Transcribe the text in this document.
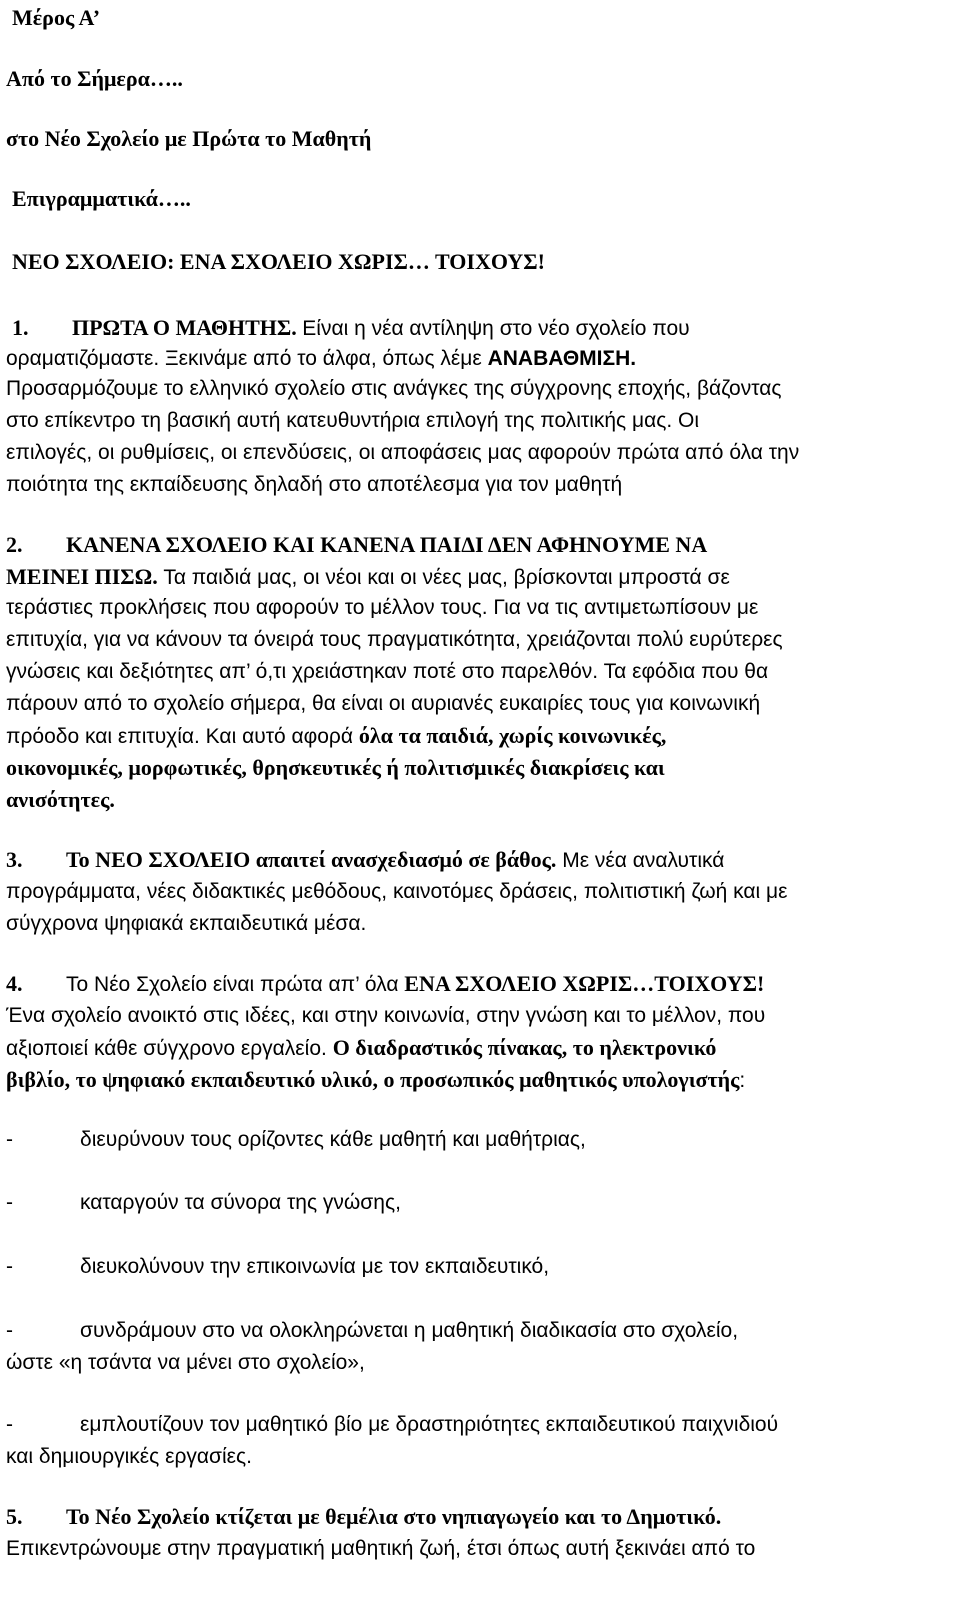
Μέρος Α’
Από το Σήμερα…..
στο Νέο Σχολείο με Πρώτα το Μαθητή
Επιγραμματικά…..
ΝΕΟ ΣΧΟΛΕΙΟ: ΕΝΑ ΣΧΟΛΕΙΟ ΧΩΡΙΣ… ΤΟΙΧΟΥΣ!
1. ΠΡΩΤΑ Ο ΜΑΘΗΤΗΣ. Είναι η νέα αντίληψη στο νέο σχολείο που
οραματιζόμαστε. Ξεκινάμε από το άλφα, όπως λέμε ΑΝΑΒΑΘΜΙΣΗ.
Προσαρμόζουμε το ελληνικό σχολείο στις ανάγκες της σύγχρονης εποχής, βάζοντας
στο επίκεντρο τη βασική αυτή κατευθυντήρια επιλογή της πολιτικής μας. Οι
επιλογές, οι ρυθμίσεις, οι επενδύσεις, οι αποφάσεις μας αφορούν πρώτα από όλα την
ποιότητα της εκπαίδευσης δηλαδή στο αποτέλεσμα για τον μαθητή
2. ΚΑΝΕΝΑ ΣΧΟΛΕΙΟ ΚΑΙ ΚΑΝΕΝΑ ΠΑΙΔΙ ΔΕΝ ΑΦΗΝΟΥΜΕ ΝΑ
ΜΕΙΝΕΙ ΠΙΣΩ. Τα παιδιά μας, οι νέοι και οι νέες μας, βρίσκονται μπροστά σε
τεράστιες προκλήσεις που αφορούν το μέλλον τους. Για να τις αντιμετωπίσουν με
επιτυχία, για να κάνουν τα όνειρά τους πραγματικότητα, χρειάζονται πολύ ευρύτερες
γνώσεις και δεξιότητες απ’ ό,τι χρειάστηκαν ποτέ στο παρελθόν. Τα εφόδια που θα
πάρουν από το σχολείο σήμερα, θα είναι οι αυριανές ευκαιρίες τους για κοινωνική
πρόοδο και επιτυχία. Και αυτό αφορά όλα τα παιδιά, χωρίς κοινωνικές,
οικονομικές, μορφωτικές, θρησκευτικές ή πολιτισμικές διακρίσεις και
ανισότητες.
3. Το ΝΕΟ ΣΧΟΛΕΙΟ απαιτεί ανασχεδιασμό σε βάθος. Με νέα αναλυτικά
προγράμματα, νέες διδακτικές μεθόδους, καινοτόμες δράσεις, πολιτιστική ζωή και με
σύγχρονα ψηφιακά εκπαιδευτικά μέσα.
4. Το Νέο Σχολείο είναι πρώτα απ’ όλα ΕΝΑ ΣΧΟΛΕΙΟ ΧΩΡΙΣ…ΤΟΙΧΟΥΣ!
Ένα σχολείο ανοικτό στις ιδέες, και στην κοινωνία, στην γνώση και το μέλλον, που
αξιοποιεί κάθε σύγχρονο εργαλείο. Ο διαδραστικός πίνακας, το ηλεκτρονικό
βιβλίο, το ψηφιακό εκπαιδευτικό υλικό, ο προσωπικός μαθητικός υπολογιστής:
-	διευρύνουν τους ορίζοντες κάθε μαθητή και μαθήτριας,
-	καταργούν τα σύνορα της γνώσης,
-	διευκολύνουν την επικοινωνία με τον εκπαιδευτικό,
-	συνδράμουν στο να ολοκληρώνεται η μαθητική διαδικασία στο σχολείο,
ώστε «η τσάντα να μένει στο σχολείο»,
-	εμπλουτίζουν τον μαθητικό βίο με δραστηριότητες εκπαιδευτικού παιχνιδιού
και δημιουργικές εργασίες.
5. Το Νέο Σχολείο κτίζεται με θεμέλια στο νηπιαγωγείο και το Δημοτικό.
Επικεντρώνουμε στην πραγματική μαθητική ζωή, έτσι όπως αυτή ξεκινάει από το
